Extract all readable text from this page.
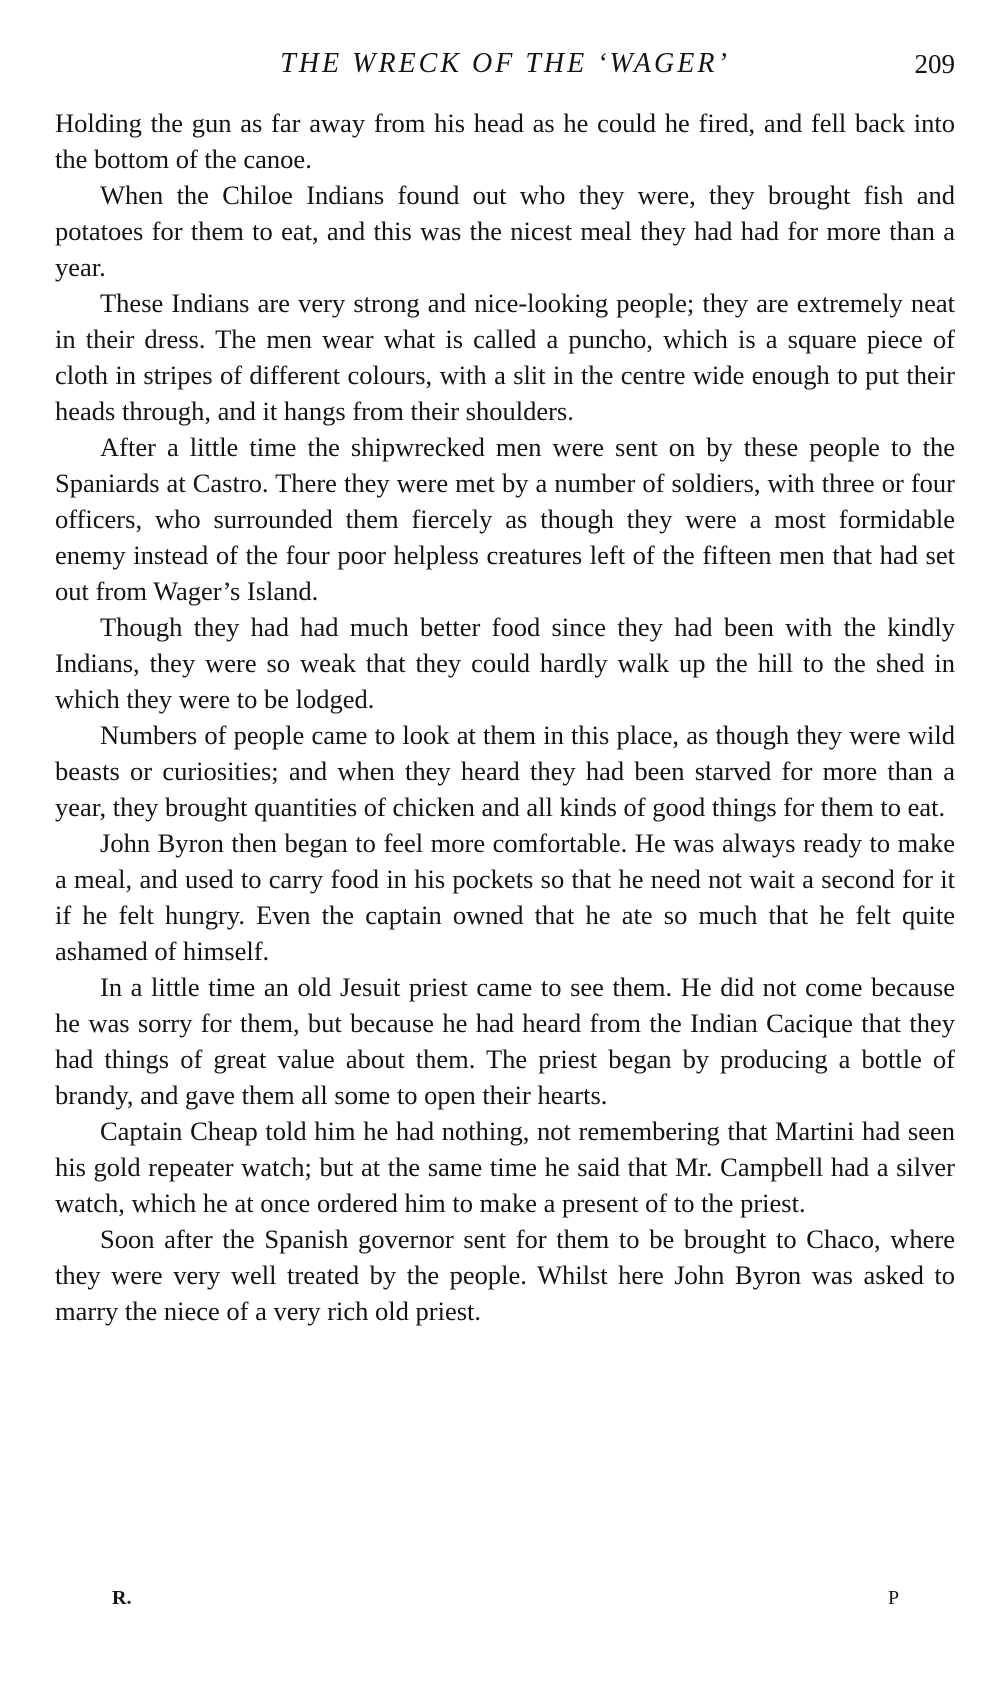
THE WRECK OF THE ‘WAGER’	209

Holding the gun as far away from his head as he could he fired, and fell back into the bottom of the canoe.

When the Chiloe Indians found out who they were, they brought fish and potatoes for them to eat, and this was the nicest meal they had had for more than a year.

These Indians are very strong and nice-looking people; they are extremely neat in their dress. The men wear what is called a puncho, which is a square piece of cloth in stripes of different colours, with a slit in the centre wide enough to put their heads through, and it hangs from their shoulders.

After a little time the shipwrecked men were sent on by these people to the Spaniards at Castro. There they were met by a number of soldiers, with three or four officers, who surrounded them fiercely as though they were a most formidable enemy instead of the four poor helpless creatures left of the fifteen men that had set out from Wager’s Island.

Though they had had much better food since they had been with the kindly Indians, they were so weak that they could hardly walk up the hill to the shed in which they were to be lodged.

Numbers of people came to look at them in this place, as though they were wild beasts or curiosities; and when they heard they had been starved for more than a year, they brought quantities of chicken and all kinds of good things for them to eat.

John Byron then began to feel more comfortable. He was always ready to make a meal, and used to carry food in his pockets so that he need not wait a second for it if he felt hungry. Even the captain owned that he ate so much that he felt quite ashamed of himself.

In a little time an old Jesuit priest came to see them. He did not come because he was sorry for them, but because he had heard from the Indian Cacique that they had things of great value about them. The priest began by producing a bottle of brandy, and gave them all some to open their hearts.

Captain Cheap told him he had nothing, not remembering that Martini had seen his gold repeater watch; but at the same time he said that Mr. Campbell had a silver watch, which he at once ordered him to make a present of to the priest.

Soon after the Spanish governor sent for them to be brought to Chaco, where they were very well treated by the people. Whilst here John Byron was asked to marry the niece of a very rich old priest.

R.	P
